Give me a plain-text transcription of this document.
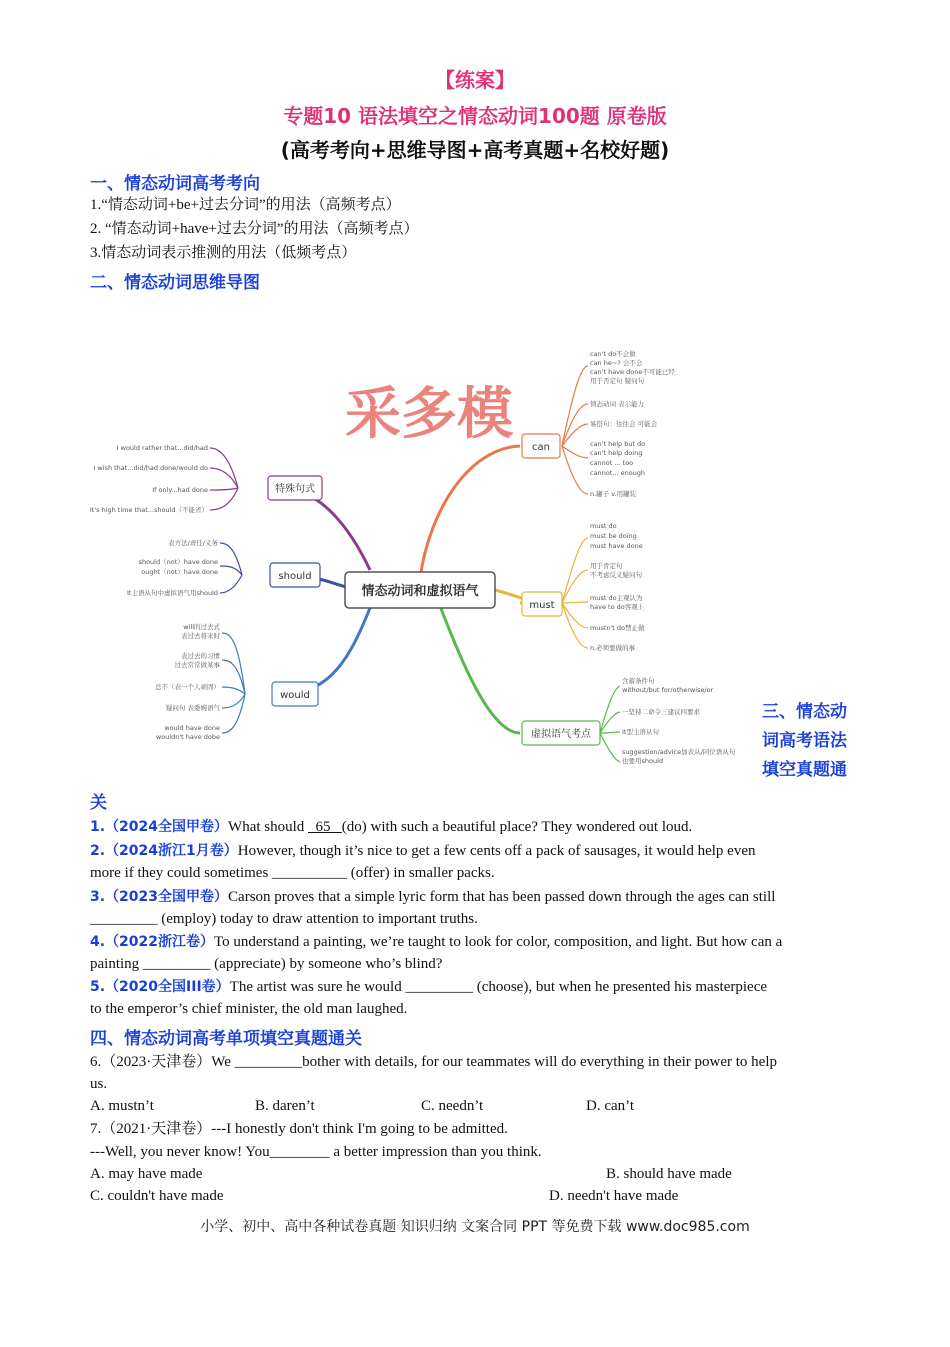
【练案】
专题10 语法填空之情态动词100题 原卷版
(高考考向+思维导图+高考真题+名校好题)
一、情态动词高考考向
1.“情态动词+be+过去分词”的用法（高频考点）
2. “情态动词+have+过去分词”的用法（高频考点）
3.情态动词表示推测的用法（低频考点）
二、情态动词思维导图
采多模
情态动词和虚拟语气
can
must
虚拟语气考点
特殊句式
should
would
can't do不会做
can he~? 会不会
can't have done不可能已经
用于否定句 疑问句
情态动词 表示能力
易搭句：往往会 可能会
can't help but do
can't help doing
cannot ... too
cannot... enough
n.罐子 v.用罐装
must do
must be doing
must have done
用于肯定句
不考虑反义疑问句
must do主观认为
have to do客观上
mustn't do禁止做
n.必须要做的事
含蓄条件句
without/but for/otherwise/or
一坚持二命令三建议四要求
It型主语从句
suggestion/advice加表从/同位语从句
也要用should
I would rather that...did/had
I wish that...did/had done/would do
If only...had done
It's high time that...should（不能省）
表方法/责任/义务
should（not）have done
ought（not）have done
It主语从句中虚拟语气用should
will的过去式
表过去将来时
表过去的习惯
过去常常做某事
总不（表一个人顽固）
疑问句 表委婉语气
would have done
wouldn't have dobe
三、情态动
词高考语法
填空真题通
关
1.（2024全国甲卷）What should   65 (do) with such a beautiful place? They wondered out loud.
2.（2024浙江1月卷）However, though it’s nice to get a few cents off a pack of sausages, it would help even
more if they could sometimes __________ (offer) in smaller packs.
3.（2023全国甲卷）Carson proves that a simple lyric form that has been passed down through the ages can still
_________ (employ) today to draw attention to important truths.
4.（2022浙江卷）To understand a painting, we’re taught to look for color, composition, and light. But how can a
painting _________ (appreciate) by someone who’s blind?
5.（2020全国III卷）The artist was sure he would _________ (choose), but when he presented his masterpiece
to the emperor’s chief minister, the old man laughed.
四、情态动词高考单项填空真题通关
6.（2023·天津卷）We _________bother with details, for our teammates will do everything in their power to help
us.
A. mustn’t	B. daren’t	C. needn’t	D. can’t
7.（2021·天津卷）---I honestly don't think I'm going to be admitted.
---Well, you never know! You________ a better impression than you think.
A. may have made	B. should have made
C. couldn't have made	D. needn't have made
小学、初中、高中各种试卷真题 知识归纳 文案合同 PPT 等免费下载 www.doc985.com
